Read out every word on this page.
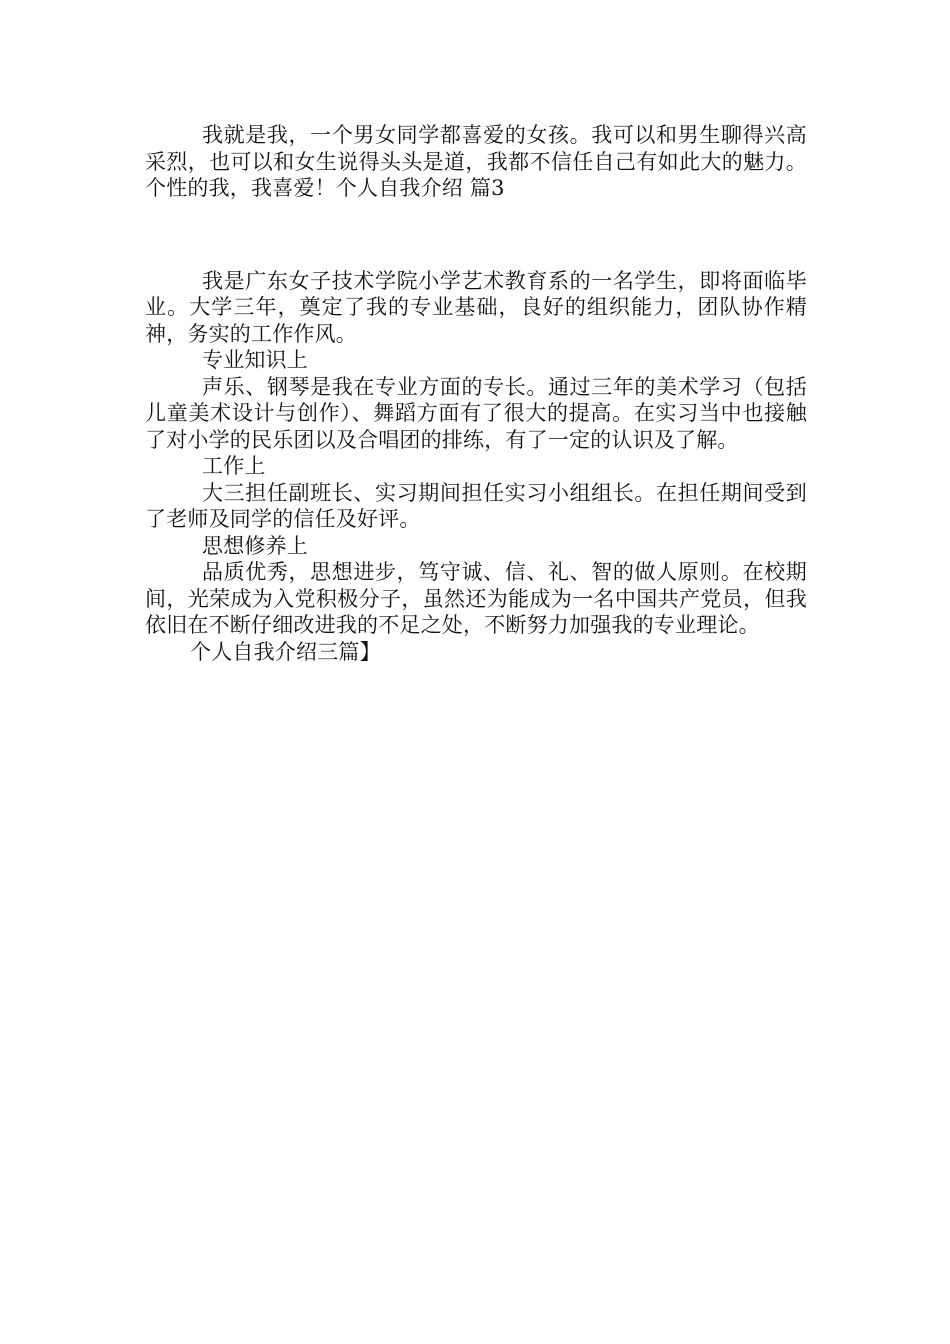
我就是我，一个男女同学都喜爱的女孩。我可以和男生聊得兴高采烈，也可以和女生说得头头是道，我都不信任自己有如此大的魅力。个性的我，我喜爱！个人自我介绍 篇3

我是广东女子技术学院小学艺术教育系的一名学生，即将面临毕业。大学三年，奠定了我的专业基础，良好的组织能力，团队协作精神，务实的工作作风。

专业知识上

声乐、钢琴是我在专业方面的专长。通过三年的美术学习（包括儿童美术设计与创作）、舞蹈方面有了很大的提高。在实习当中也接触了对小学的民乐团以及合唱团的排练，有了一定的认识及了解。

工作上

大三担任副班长、实习期间担任实习小组组长。在担任期间受到了老师及同学的信任及好评。

思想修养上

品质优秀，思想进步，笃守诚、信、礼、智的做人原则。在校期间，光荣成为入党积极分子，虽然还为能成为一名中国共产党员，但我依旧在不断仔细改进我的不足之处，不断努力加强我的专业理论。

个人自我介绍三篇】
